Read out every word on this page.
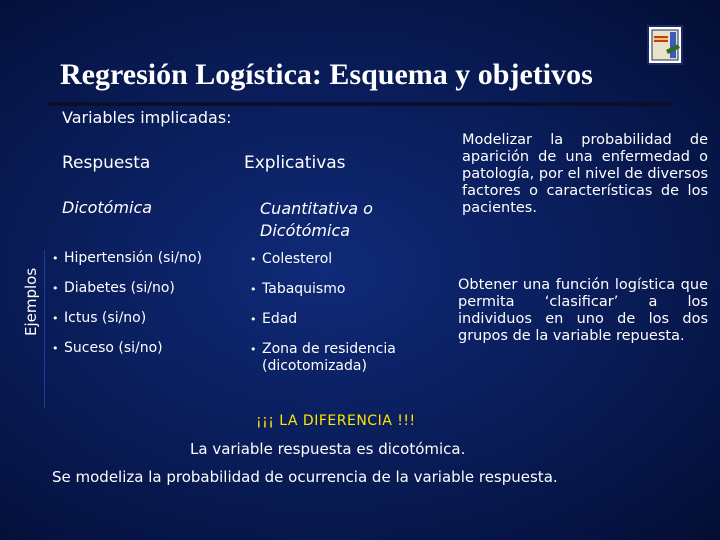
Regresión Logística: Esquema y objetivos
Variables implicadas:
Respuesta	Explicativas
Dicotómica	Cuantitativa o
Dicótómica
Ejemplos
• Hipertensión (si/no)
• Diabetes (si/no)
• Ictus (si/no)
• Suceso (si/no)
• Colesterol
• Tabaquismo
• Edad
• Zona de residencia (dicotomizada)
Modelizar la probabilidad de aparición de una enfermedad o patología, por el nivel de diversos factores o características de los pacientes.
Obtener una función logística que permita ‘clasificar’ a los individuos en uno de los dos grupos de la variable repuesta.
¡¡¡ LA DIFERENCIA !!!
La variable respuesta es dicotómica.
Se modeliza la probabilidad de ocurrencia de la variable respuesta.
